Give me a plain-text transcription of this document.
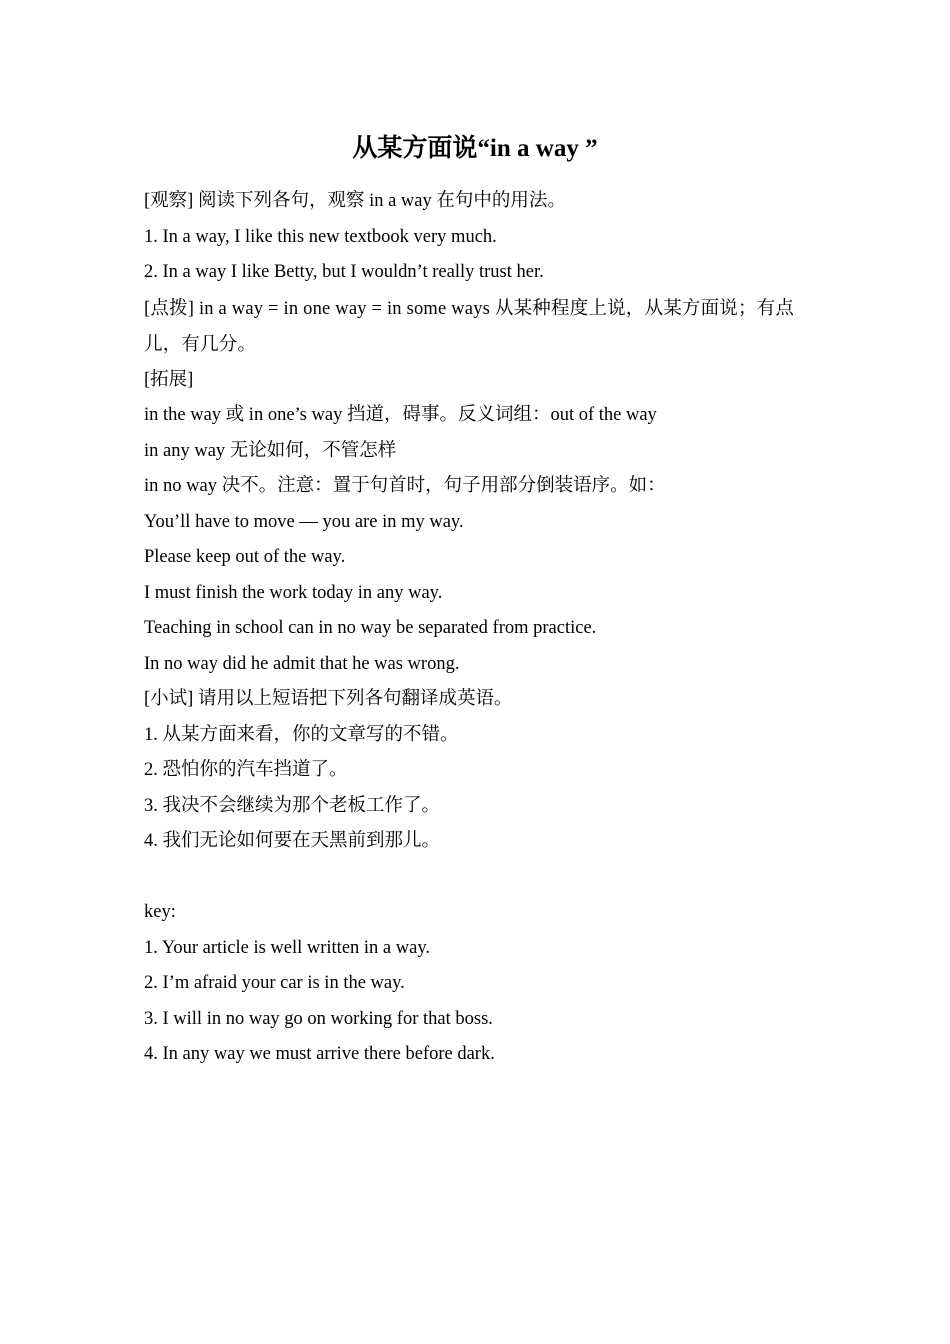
从某方面说“in a way ”
[观察] 阅读下列各句，观察 in a way 在句中的用法。
1. In a way, I like this new textbook very much.
2. In a way I like Betty, but I wouldn’t really trust her.
[点拨] in a way = in one way = in some ways 从某种程度上说，从某方面说；有点儿，有几分。
[拓展]
in the way 或 in one’s way 挡道，碍事。反义词组：out of the way
in any way 无论如何，不管怎样
in no way 决不。注意：置于句首时，句子用部分倒装语序。如：
You’ll have to move — you are in my way.
Please keep out of the way.
I must finish the work today in any way.
Teaching in school can in no way be separated from practice.
In no way did he admit that he was wrong.
[小试] 请用以上短语把下列各句翻译成英语。
1. 从某方面来看，你的文章写的不错。
2. 恐怕你的汽车挡道了。
3. 我决不会继续为那个老板工作了。
4. 我们无论如何要在天黑前到那儿。
key:
1. Your article is well written in a way.
2. I’m afraid your car is in the way.
3. I will in no way go on working for that boss.
4. In any way we must arrive there before dark.
